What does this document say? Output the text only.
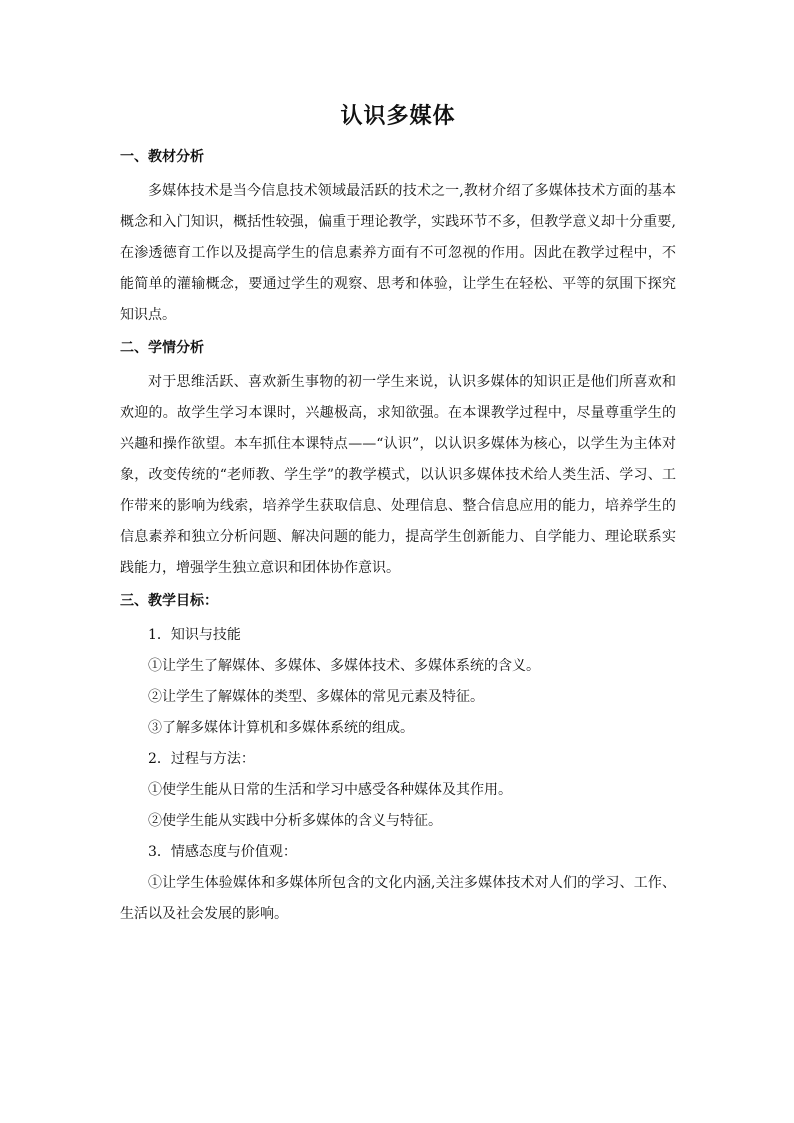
认识多媒体
一、教材分析

多媒体技术是当今信息技术领域最活跃的技术之一,教材介绍了多媒体技术方面的基本概念和入门知识，概括性较强，偏重于理论教学，实践环节不多，但教学意义却十分重要,在渗透德育工作以及提高学生的信息素养方面有不可忽视的作用。因此在教学过程中，不能简单的灌输概念，要通过学生的观察、思考和体验，让学生在轻松、平等的氛围下探究知识点。

二、学情分析

对于思维活跃、喜欢新生事物的初一学生来说，认识多媒体的知识正是他们所喜欢和欢迎的。故学生学习本课时，兴趣极高，求知欲强。在本课教学过程中，尽量尊重学生的兴趣和操作欲望。本车抓住本课特点——“认识”，以认识多媒体为核心，以学生为主体对象，改变传统的“老师教、学生学”的教学模式，以认识多媒体技术给人类生活、学习、工作带来的影响为线索，培养学生获取信息、处理信息、整合信息应用的能力，培养学生的信息素养和独立分析问题、解决问题的能力，提高学生创新能力、自学能力、理论联系实践能力，增强学生独立意识和团体协作意识。

三、教学目标：

1．知识与技能

①让学生了解媒体、多媒体、多媒体技术、多媒体系统的含义。

②让学生了解媒体的类型、多媒体的常见元素及特征。

③了解多媒体计算机和多媒体系统的组成。

2．过程与方法：

①使学生能从日常的生活和学习中感受各种媒体及其作用。

②使学生能从实践中分析多媒体的含义与特征。

3．情感态度与价值观：

①让学生体验媒体和多媒体所包含的文化内涵,关注多媒体技术对人们的学习、工作、生活以及社会发展的影响。
